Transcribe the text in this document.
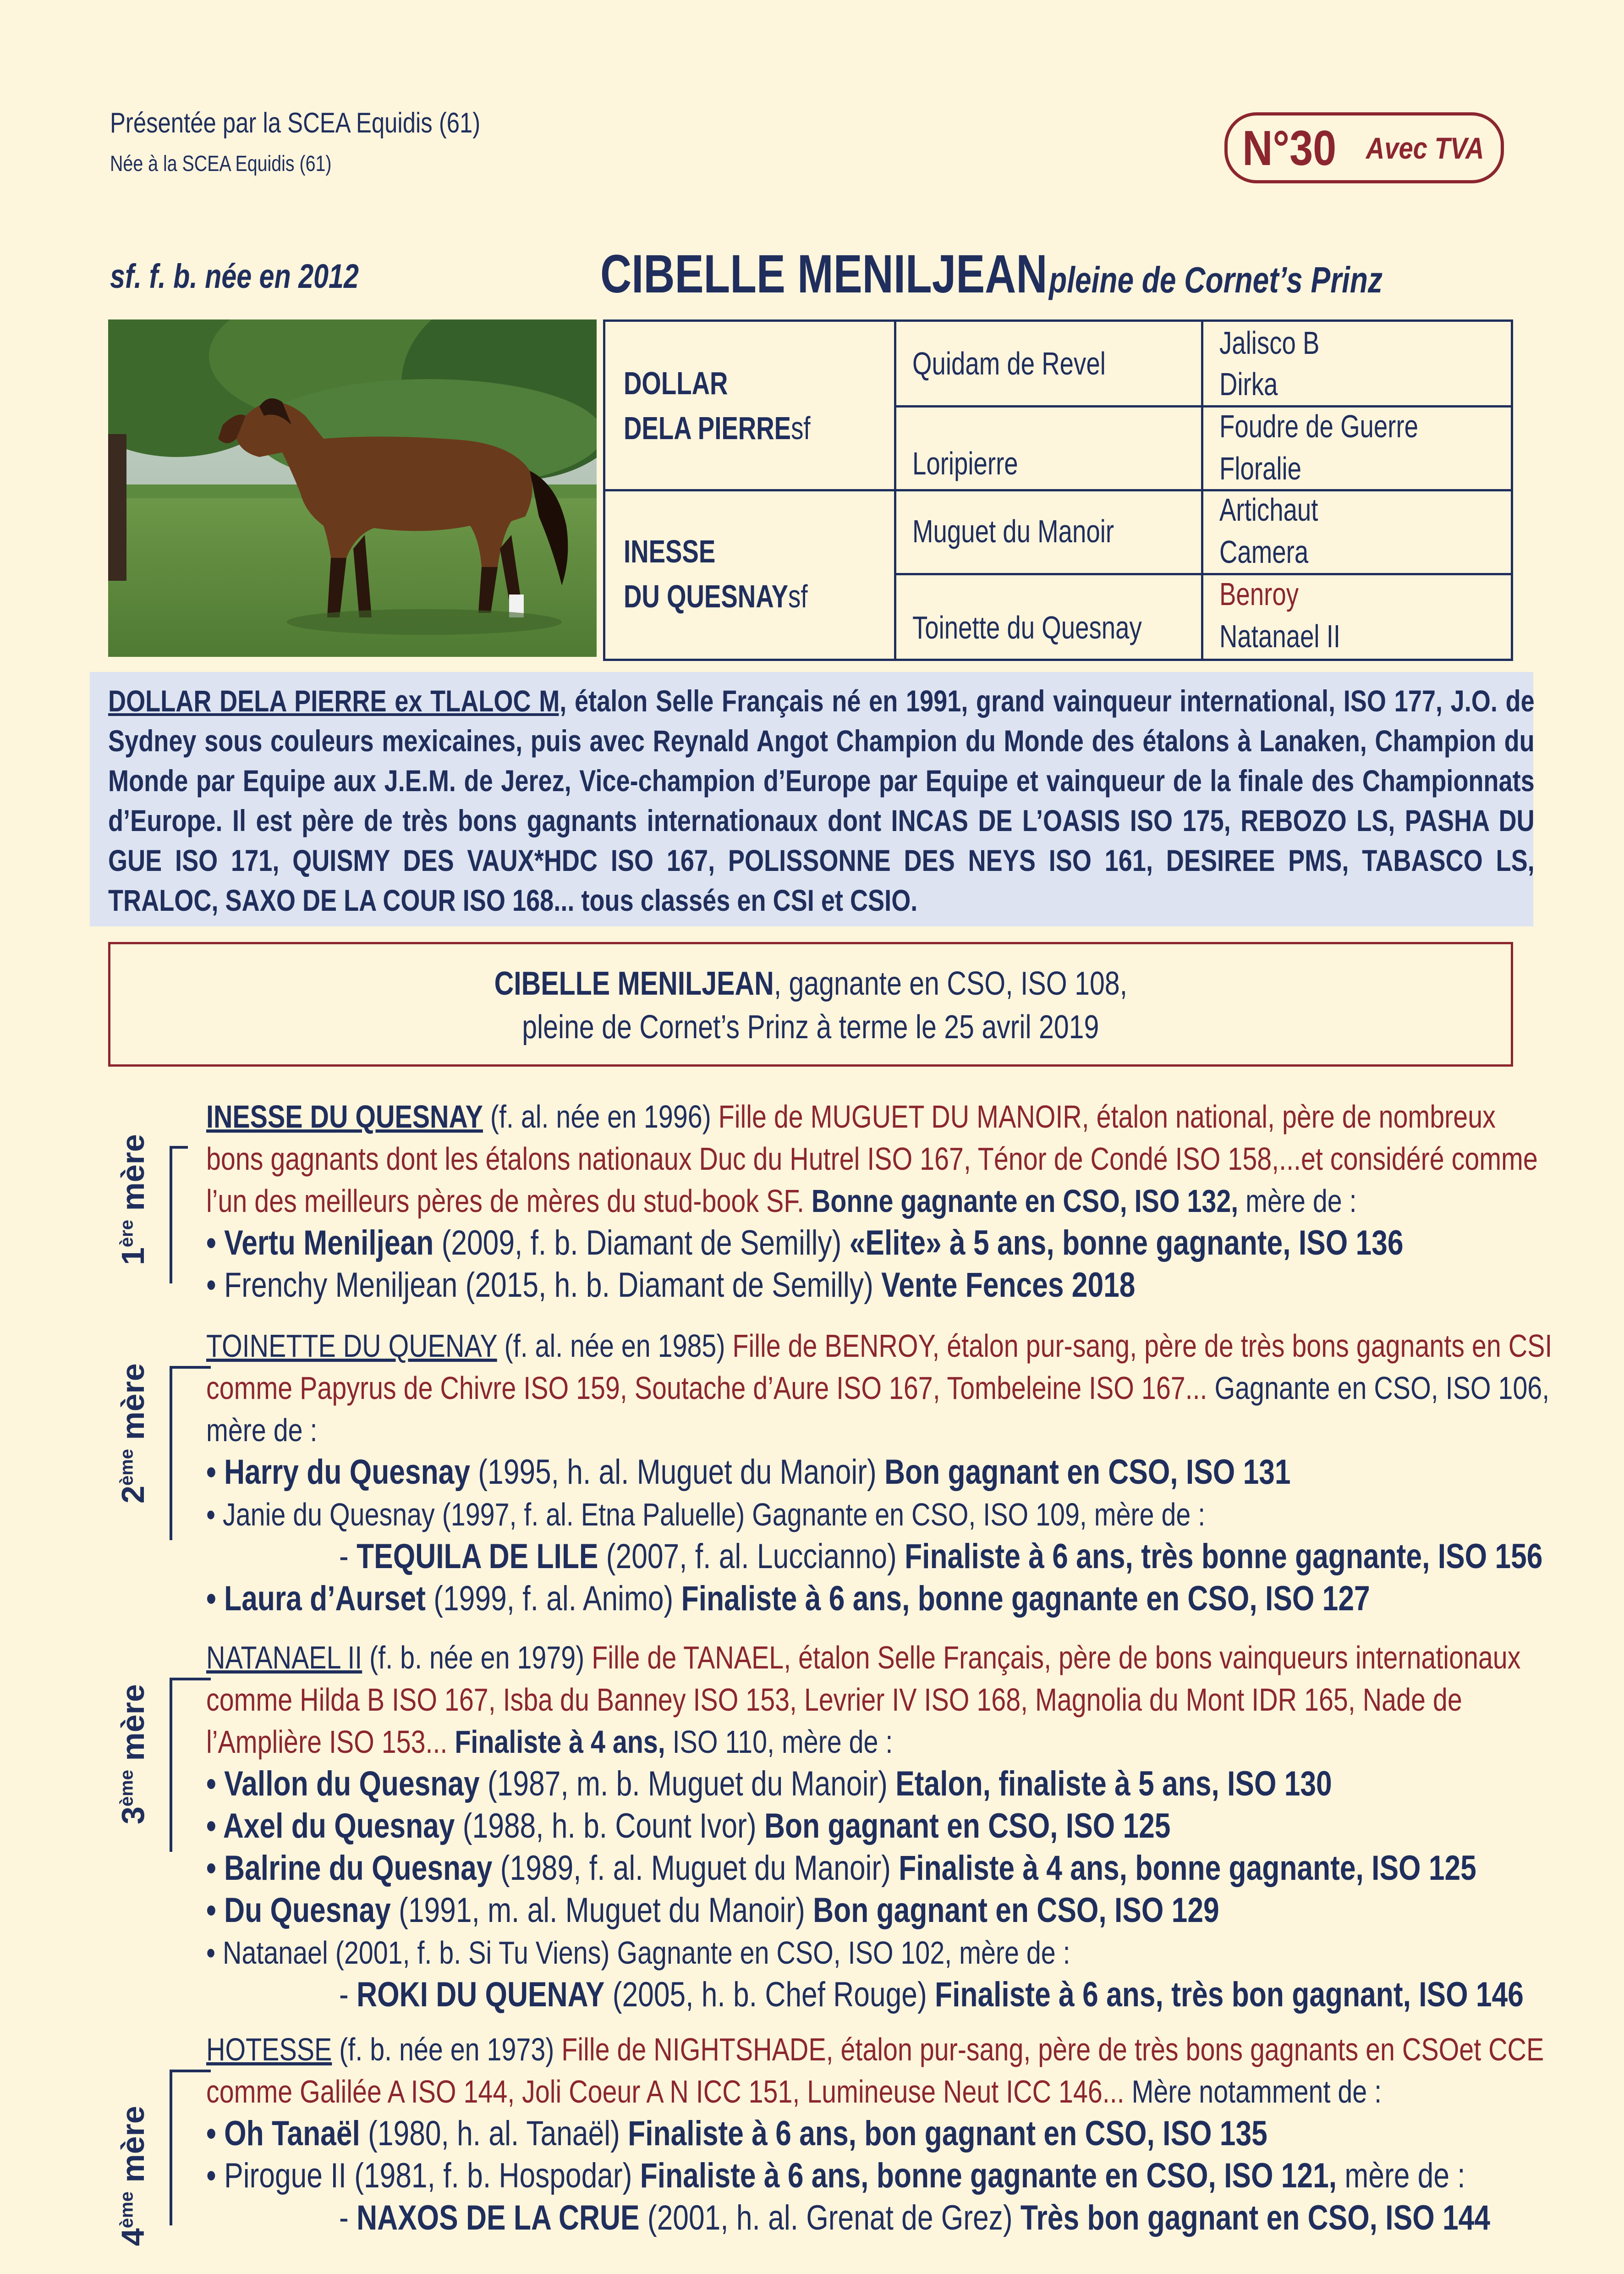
Présentée par la SCEA Equidis (61)
Née à la SCEA Equidis (61)	N°30 Avec TVA
sf. f. b. née en 2012	CIBELLE MENILJEAN pleine de Cornet’s Prinz
DOLLAR
DELA PIERREsf
INESSE
DU QUESNAYsf
Quidam de Revel
Loripierre
Muguet du Manoir
Toinette du Quesnay
Jalisco B
Dirka
Foudre de Guerre
Floralie
Artichaut
Camera
Benroy
Natanael II
DOLLAR DELA PIERRE ex TLALOC M, étalon Selle Français né en 1991, grand vainqueur international, ISO 177, J.O. de Sydney sous couleurs mexicaines, puis avec Reynald Angot Champion du Monde des étalons à Lanaken, Champion du Monde par Equipe aux J.E.M. de Jerez, Vice-champion d’Europe par Equipe et vainqueur de la finale des Championnats d’Europe. Il est père de très bons gagnants internationaux dont INCAS DE L’OASIS ISO 175, REBOZO LS, PASHA DU GUE ISO 171, QUISMY DES VAUX*HDC ISO 167, POLISSONNE DES NEYS ISO 161, DESIREE PMS, TABASCO LS, TRALOC, SAXO DE LA COUR ISO 168... tous classés en CSI et CSIO.
CIBELLE MENILJEAN, gagnante en CSO, ISO 108,
pleine de Cornet’s Prinz à terme le 25 avril 2019
1ère mère
INESSE DU QUESNAY (f. al. née en 1996) Fille de MUGUET DU MANOIR, étalon national, père de nombreux
bons gagnants dont les étalons nationaux Duc du Hutrel ISO 167, Ténor de Condé ISO 158,...et considéré comme
l’un des meilleurs pères de mères du stud-book SF. Bonne gagnante en CSO, ISO 132, mère de :
• Vertu Meniljean (2009, f. b. Diamant de Semilly) «Elite» à 5 ans, bonne gagnante, ISO 136
• Frenchy Meniljean (2015, h. b. Diamant de Semilly) Vente Fences 2018
2ème mère
TOINETTE DU QUENAY (f. al. née en 1985) Fille de BENROY, étalon pur-sang, père de très bons gagnants en CSI
comme Papyrus de Chivre ISO 159, Soutache d’Aure ISO 167, Tombeleine ISO 167... Gagnante en CSO, ISO 106,
mère de :
• Harry du Quesnay (1995, h. al. Muguet du Manoir) Bon gagnant en CSO, ISO 131
• Janie du Quesnay (1997, f. al. Etna Paluelle) Gagnante en CSO, ISO 109, mère de :
- TEQUILA DE LILE (2007, f. al. Luccianno) Finaliste à 6 ans, très bonne gagnante, ISO 156
• Laura d’Aurset (1999, f. al. Animo) Finaliste à 6 ans, bonne gagnante en CSO, ISO 127
3ème mère
NATANAEL II (f. b. née en 1979) Fille de TANAEL, étalon Selle Français, père de bons vainqueurs internationaux
comme Hilda B ISO 167, Isba du Banney ISO 153, Levrier IV ISO 168, Magnolia du Mont IDR 165, Nade de
l’Amplière ISO 153... Finaliste à 4 ans, ISO 110, mère de :
• Vallon du Quesnay (1987, m. b. Muguet du Manoir) Etalon, finaliste à 5 ans, ISO 130
• Axel du Quesnay (1988, h. b. Count Ivor) Bon gagnant en CSO, ISO 125
• Balrine du Quesnay (1989, f. al. Muguet du Manoir) Finaliste à 4 ans, bonne gagnante, ISO 125
• Du Quesnay (1991, m. al. Muguet du Manoir) Bon gagnant en CSO, ISO 129
• Natanael (2001, f. b. Si Tu Viens) Gagnante en CSO, ISO 102, mère de :
- ROKI DU QUENAY (2005, h. b. Chef Rouge) Finaliste à 6 ans, très bon gagnant, ISO 146
4ème mère
HOTESSE (f. b. née en 1973) Fille de NIGHTSHADE, étalon pur-sang, père de très bons gagnants en CSOet CCE
comme Galilée A ISO 144, Joli Coeur A N ICC 151, Lumineuse Neut ICC 146... Mère notamment de :
• Oh Tanaël (1980, h. al. Tanaël) Finaliste à 6 ans, bon gagnant en CSO, ISO 135
• Pirogue II (1981, f. b. Hospodar) Finaliste à 6 ans, bonne gagnante en CSO, ISO 121, mère de :
- NAXOS DE LA CRUE (2001, h. al. Grenat de Grez) Très bon gagnant en CSO, ISO 144
